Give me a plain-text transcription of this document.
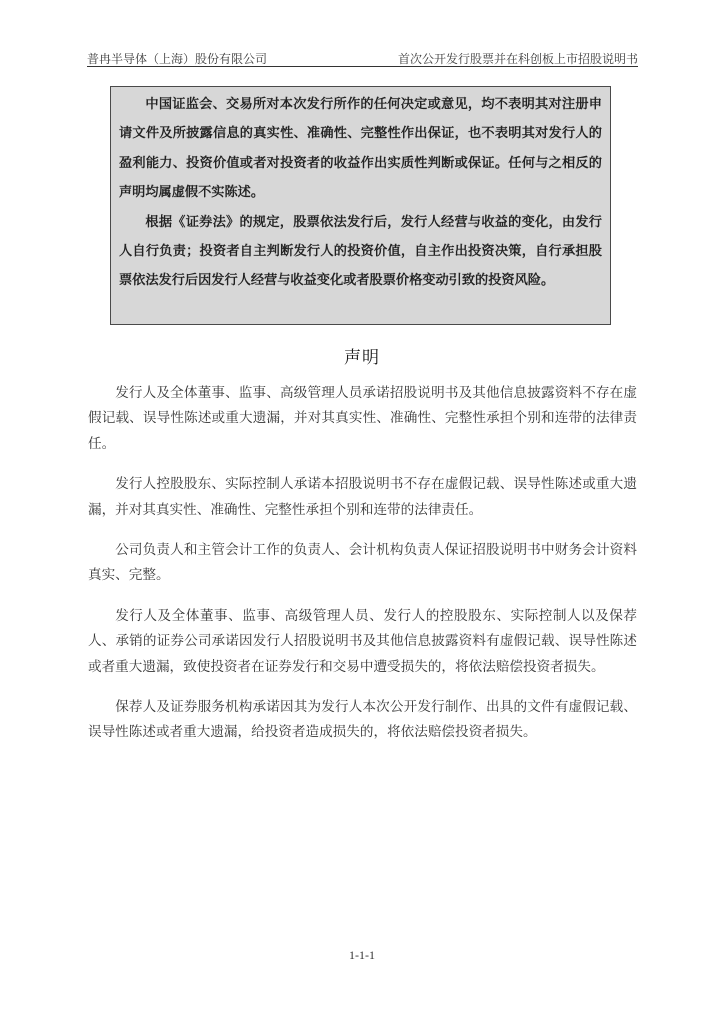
普冉半导体（上海）股份有限公司	首次公开发行股票并在科创板上市招股说明书

中国证监会、交易所对本次发行所作的任何决定或意见，均不表明其对注册申请文件及所披露信息的真实性、准确性、完整性作出保证，也不表明其对发行人的盈利能力、投资价值或者对投资者的收益作出实质性判断或保证。任何与之相反的声明均属虚假不实陈述。

根据《证券法》的规定，股票依法发行后，发行人经营与收益的变化，由发行人自行负责；投资者自主判断发行人的投资价值，自主作出投资决策，自行承担股票依法发行后因发行人经营与收益变化或者股票价格变动引致的投资风险。

声明

发行人及全体董事、监事、高级管理人员承诺招股说明书及其他信息披露资料不存在虚假记载、误导性陈述或重大遗漏，并对其真实性、准确性、完整性承担个别和连带的法律责任。

发行人控股股东、实际控制人承诺本招股说明书不存在虚假记载、误导性陈述或重大遗漏，并对其真实性、准确性、完整性承担个别和连带的法律责任。

公司负责人和主管会计工作的负责人、会计机构负责人保证招股说明书中财务会计资料真实、完整。

发行人及全体董事、监事、高级管理人员、发行人的控股股东、实际控制人以及保荐人、承销的证券公司承诺因发行人招股说明书及其他信息披露资料有虚假记载、误导性陈述或者重大遗漏，致使投资者在证券发行和交易中遭受损失的，将依法赔偿投资者损失。

保荐人及证券服务机构承诺因其为发行人本次公开发行制作、出具的文件有虚假记载、误导性陈述或者重大遗漏，给投资者造成损失的，将依法赔偿投资者损失。

1-1-1
